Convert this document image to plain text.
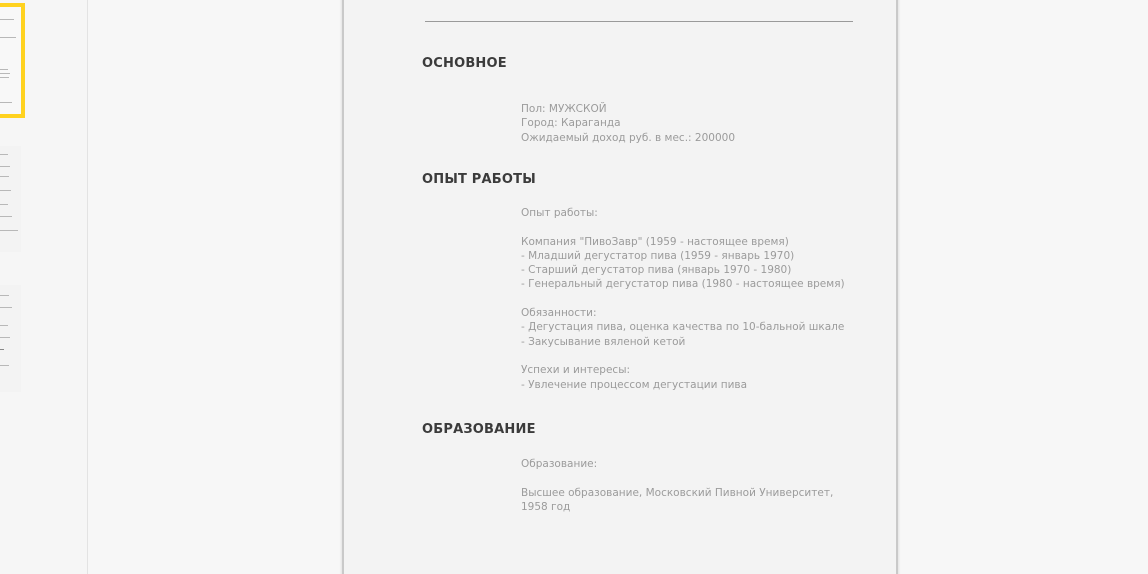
ОСНОВНОЕ
Пол: МУЖСКОЙ
Город: Караганда
Ожидаемый доход руб. в мес.: 200000
ОПЫТ РАБОТЫ
Опыт работы:
Компания "ПивоЗавр" (1959 - настоящее время)
- Младший дегустатор пива (1959 - январь 1970)
- Старший дегустатор пива (январь 1970 - 1980)
- Генеральный дегустатор пива (1980 - настоящее время)
Обязанности:
- Дегустация пива, оценка качества по 10-бальной шкале
- Закусывание вяленой кетой
Успехи и интересы:
- Увлечение процессом дегустации пива
ОБРАЗОВАНИЕ
Образование:
Высшее образование, Московский Пивной Университет, 1958 год
